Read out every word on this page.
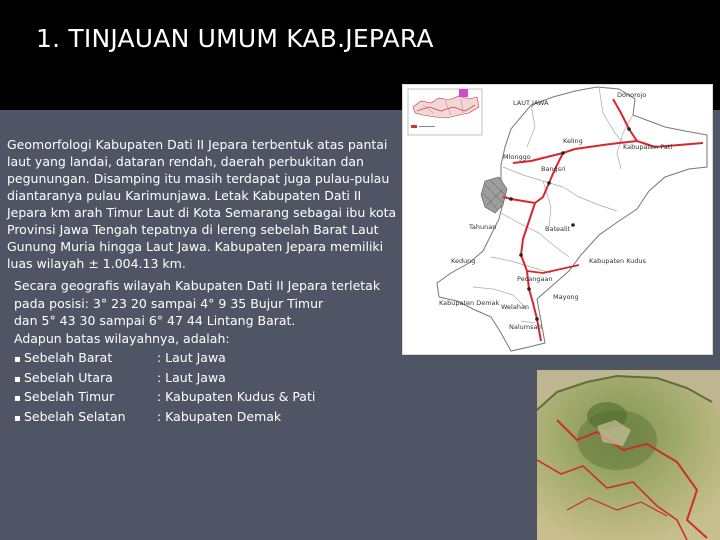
1. TINJAUAN UMUM KAB.JEPARA

Geomorfologi Kabupaten Dati II Jepara terbentuk atas pantai laut yang landai, dataran rendah, daerah perbukitan dan pegunungan. Disamping itu masih terdapat juga pulau-pulau diantaranya pulau Karimunjawa. Letak Kabupaten Dati II Jepara km arah Timur Laut di Kota Semarang sebagai ibu kota Provinsi Jawa Tengah tepatnya di lereng sebelah Barat Laut Gunung Muria hingga Laut Jawa. Kabupaten Jepara memiliki luas wilayah ± 1.004.13 km.

Secara geografis wilayah Kabupaten Dati II Jepara terletak
pada posisi: 3° 23 20 sampai 4° 9 35 Bujur Timur
dan 5° 43 30 sampai 6° 47 44 Lintang Barat.
Adapun batas wilayahnya, adalah:
▪ Sebelah Barat	: Laut Jawa
▪ Sebelah Utara	: Laut Jawa
▪ Sebelah Timur	: Kabupaten Kudus & Pati
▪ Sebelah Selatan	: Kabupaten Demak
LAUT JAWA
Donorojo
Keling
Mlonggo
Kabupaten Pati
Bangsri
Tahunan	Batealit
Kedung
Pecangaan
Kabupaten Kudus
Kabupaten Demak Welahan
Mayong
Nalumsari
